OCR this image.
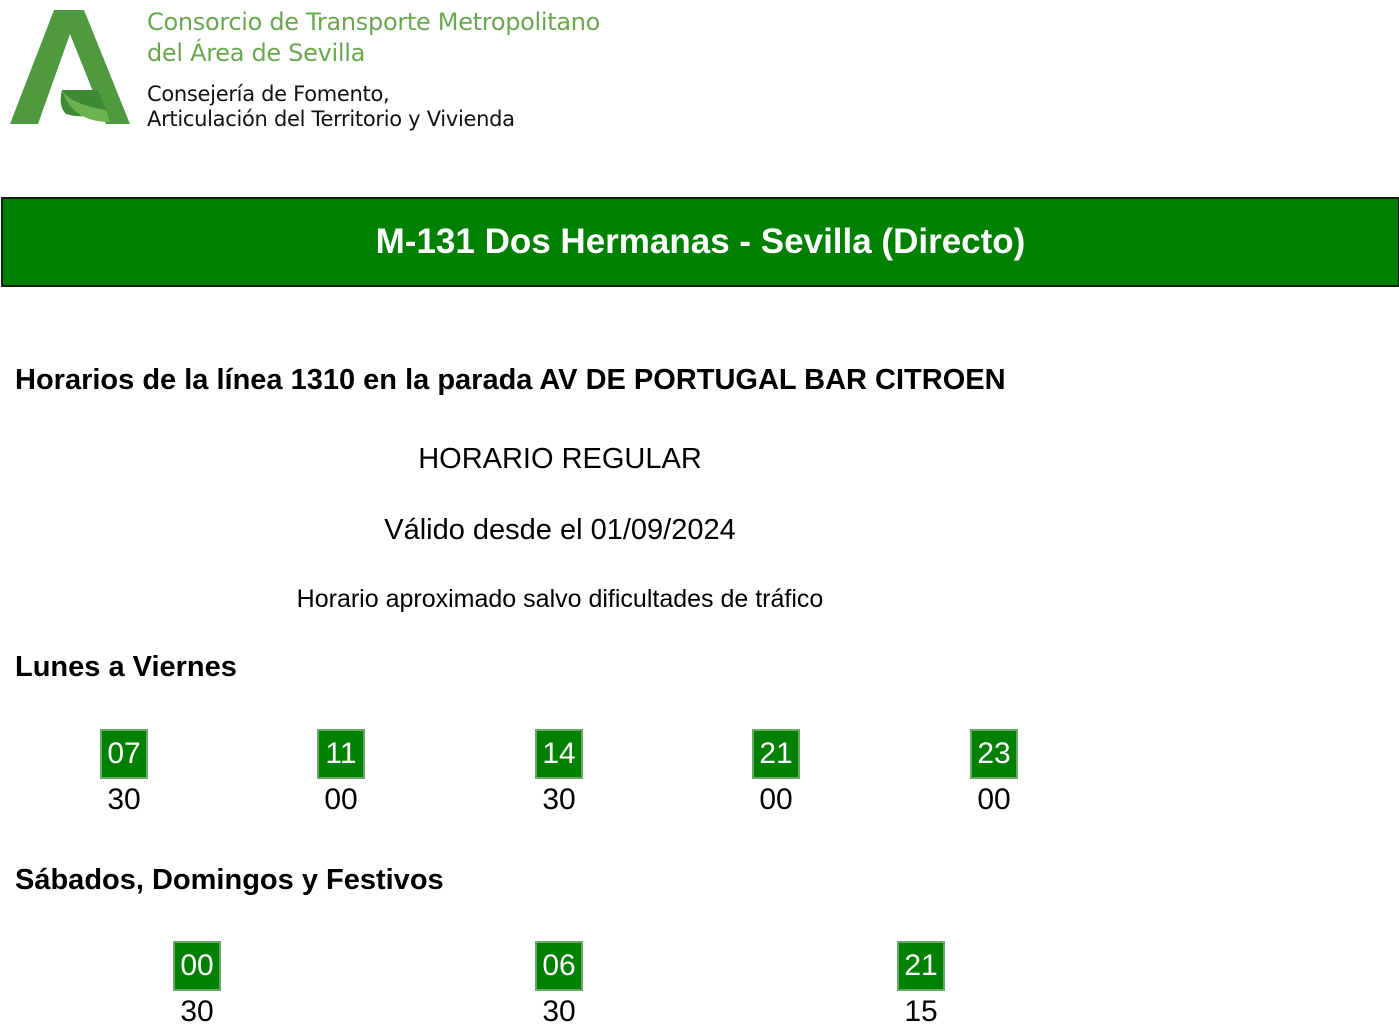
Consorcio de Transporte Metropolitano
del Área de Sevilla
Consejería de Fomento,
Articulación del Territorio y Vivienda
M-131 Dos Hermanas - Sevilla (Directo)
Horarios de la línea 1310 en la parada AV DE PORTUGAL BAR CITROEN
HORARIO REGULAR
Válido desde el 01/09/2024
Horario aproximado salvo dificultades de tráfico
Lunes a Viernes
07
30
11
00
14
30
21
00
23
00
Sábados, Domingos y Festivos
00
30
06
30
21
15
